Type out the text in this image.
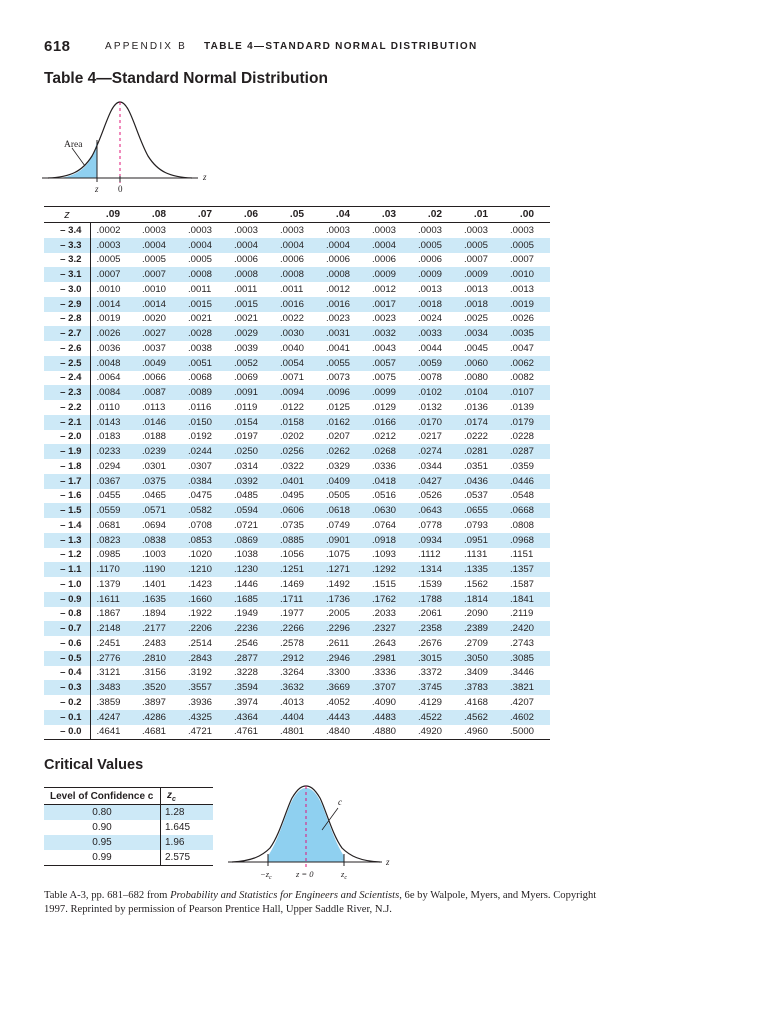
618	APPENDIX B TABLE 4—STANDARD NORMAL DISTRIBUTION
Table 4—Standard Normal Distribution
Area
z 0
z
z	.09	.08	.07	.06	.05	.04	.03	.02	.01	.00
– 3.4	.0002	.0003	.0003	.0003	.0003	.0003	.0003	.0003	.0003	.0003
– 3.3	.0003	.0004	.0004	.0004	.0004	.0004	.0004	.0005	.0005	.0005
– 3.2	.0005	.0005	.0005	.0006	.0006	.0006	.0006	.0006	.0007	.0007
– 3.1	.0007	.0007	.0008	.0008	.0008	.0008	.0009	.0009	.0009	.0010
– 3.0	.0010	.0010	.0011	.0011	.0011	.0012	.0012	.0013	.0013	.0013
– 2.9	.0014	.0014	.0015	.0015	.0016	.0016	.0017	.0018	.0018	.0019
– 2.8	.0019	.0020	.0021	.0021	.0022	.0023	.0023	.0024	.0025	.0026
– 2.7	.0026	.0027	.0028	.0029	.0030	.0031	.0032	.0033	.0034	.0035
– 2.6	.0036	.0037	.0038	.0039	.0040	.0041	.0043	.0044	.0045	.0047
– 2.5	.0048	.0049	.0051	.0052	.0054	.0055	.0057	.0059	.0060	.0062
– 2.4	.0064	.0066	.0068	.0069	.0071	.0073	.0075	.0078	.0080	.0082
– 2.3	.0084	.0087	.0089	.0091	.0094	.0096	.0099	.0102	.0104	.0107
– 2.2	.0110	.0113	.0116	.0119	.0122	.0125	.0129	.0132	.0136	.0139
– 2.1	.0143	.0146	.0150	.0154	.0158	.0162	.0166	.0170	.0174	.0179
– 2.0	.0183	.0188	.0192	.0197	.0202	.0207	.0212	.0217	.0222	.0228
– 1.9	.0233	.0239	.0244	.0250	.0256	.0262	.0268	.0274	.0281	.0287
– 1.8	.0294	.0301	.0307	.0314	.0322	.0329	.0336	.0344	.0351	.0359
– 1.7	.0367	.0375	.0384	.0392	.0401	.0409	.0418	.0427	.0436	.0446
– 1.6	.0455	.0465	.0475	.0485	.0495	.0505	.0516	.0526	.0537	.0548
– 1.5	.0559	.0571	.0582	.0594	.0606	.0618	.0630	.0643	.0655	.0668
– 1.4	.0681	.0694	.0708	.0721	.0735	.0749	.0764	.0778	.0793	.0808
– 1.3	.0823	.0838	.0853	.0869	.0885	.0901	.0918	.0934	.0951	.0968
– 1.2	.0985	.1003	.1020	.1038	.1056	.1075	.1093	.1112	.1131	.1151
– 1.1	.1170	.1190	.1210	.1230	.1251	.1271	.1292	.1314	.1335	.1357
– 1.0	.1379	.1401	.1423	.1446	.1469	.1492	.1515	.1539	.1562	.1587
– 0.9	.1611	.1635	.1660	.1685	.1711	.1736	.1762	.1788	.1814	.1841
– 0.8	.1867	.1894	.1922	.1949	.1977	.2005	.2033	.2061	.2090	.2119
– 0.7	.2148	.2177	.2206	.2236	.2266	.2296	.2327	.2358	.2389	.2420
– 0.6	.2451	.2483	.2514	.2546	.2578	.2611	.2643	.2676	.2709	.2743
– 0.5	.2776	.2810	.2843	.2877	.2912	.2946	.2981	.3015	.3050	.3085
– 0.4	.3121	.3156	.3192	.3228	.3264	.3300	.3336	.3372	.3409	.3446
– 0.3	.3483	.3520	.3557	.3594	.3632	.3669	.3707	.3745	.3783	.3821
– 0.2	.3859	.3897	.3936	.3974	.4013	.4052	.4090	.4129	.4168	.4207
– 0.1	.4247	.4286	.4325	.4364	.4404	.4443	.4483	.4522	.4562	.4602
– 0.0	.4641	.4681	.4721	.4761	.4801	.4840	.4880	.4920	.4960	.5000
Critical Values
Level of Confidence c	$z_c$
0.80	1.28
0.90	1.645
0.95	1.96
0.99	2.575
c
$-z_c$	z = 0	$z_c$
z
Table A-3, pp. 681–682 from Probability and Statistics for Engineers and Scientists, 6e by Walpole, Myers, and Myers. Copyright 1997. Reprinted by permission of Pearson Prentice Hall, Upper Saddle River, N.J.
